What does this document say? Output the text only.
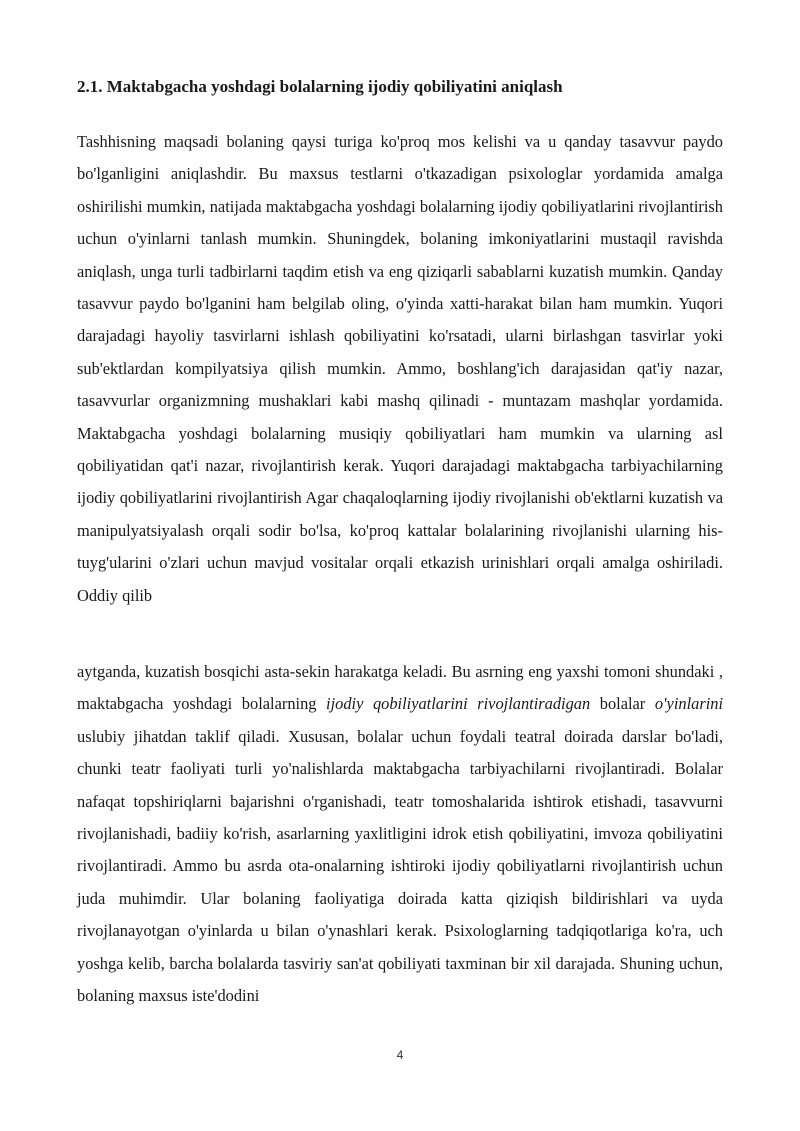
2.1. Maktabgacha yoshdagi bolalarning ijodiy qobiliyatini aniqlash

Tashhisning maqsadi bolaning qaysi turiga ko'proq mos kelishi va u qanday tasavvur paydo bo'lganligini aniqlashdir. Bu maxsus testlarni o'tkazadigan psixologlar yordamida amalga oshirilishi mumkin, natijada maktabgacha yoshdagi bolalarning ijodiy qobiliyatlarini rivojlantirish uchun o'yinlarni tanlash mumkin. Shuningdek, bolaning imkoniyatlarini mustaqil ravishda aniqlash, unga turli tadbirlarni taqdim etish va eng qiziqarli sabablarni kuzatish mumkin. Qanday tasavvur paydo bo'lganini ham belgilab oling, o'yinda xatti-harakat bilan ham mumkin. Yuqori darajadagi hayoliy tasvirlarni ishlash qobiliyatini ko'rsatadi, ularni birlashgan tasvirlar yoki sub'ektlardan kompilyatsiya qilish mumkin. Ammo, boshlang'ich darajasidan qat'iy nazar, tasavvurlar organizmning mushaklari kabi mashq qilinadi - muntazam mashqlar yordamida. Maktabgacha yoshdagi bolalarning musiqiy qobiliyatlari ham mumkin va ularning asl qobiliyatidan qat'i nazar, rivojlantirish kerak. Yuqori darajadagi maktabgacha tarbiyachilarning ijodiy qobiliyatlarini rivojlantirish Agar chaqaloqlarning ijodiy rivojlanishi ob'ektlarni kuzatish va manipulyatsiyalash orqali sodir bo'lsa, ko'proq kattalar bolalarining rivojlanishi ularning his-tuyg'ularini o'zlari uchun mavjud vositalar orqali etkazish urinishlari orqali amalga oshiriladi. Oddiy qilib

aytganda, kuzatish bosqichi asta-sekin harakatga keladi. Bu asrning eng yaxshi tomoni shundaki , maktabgacha yoshdagi bolalarning ijodiy qobiliyatlarini rivojlantiradigan bolalar o'yinlarini uslubiy jihatdan taklif qiladi. Xususan, bolalar uchun foydali teatral doirada darslar bo'ladi, chunki teatr faoliyati turli yo'nalishlarda maktabgacha tarbiyachilarni rivojlantiradi. Bolalar nafaqat topshiriqlarni bajarishni o'rganishadi, teatr tomoshalarida ishtirok etishadi, tasavvurni rivojlanishadi, badiiy ko'rish, asarlarning yaxlitligini idrok etish qobiliyatini, imvoza qobiliyatini rivojlantiradi. Ammo bu asrda ota-onalarning ishtiroki ijodiy qobiliyatlarni rivojlantirish uchun juda muhimdir. Ular bolaning faoliyatiga doirada katta qiziqish bildirishlari va uyda rivojlanayotgan o'yinlarda u bilan o'ynashlari kerak. Psixologlarning tadqiqotlariga ko'ra, uch yoshga kelib, barcha bolalarda tasviriy san'at qobiliyati taxminan bir xil darajada. Shuning uchun, bolaning maxsus iste'dodini

4
